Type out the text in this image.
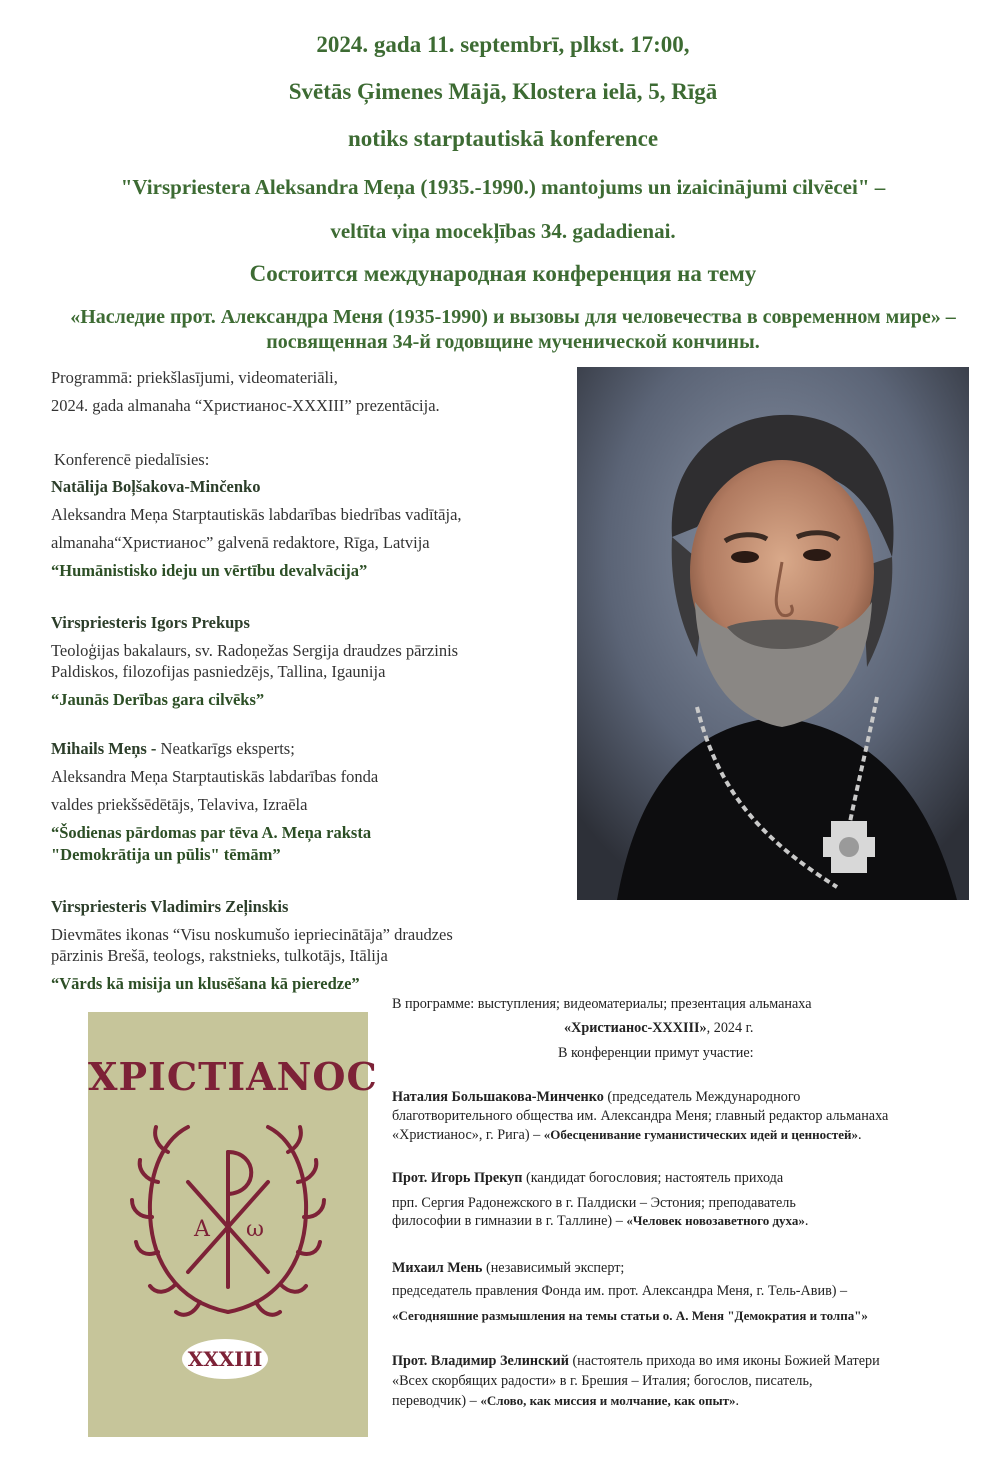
2024. gada 11. septembrī, plkst. 17:00,
Svētās Ģimenes Mājā, Klostera ielā, 5, Rīgā
notiks starptautiskā konference
"Virspriestera Aleksandra Meņa (1935.-1990.) mantojums un izaicinājumi cilvēcei" –
veltīta viņa mocekļības 34. gadadienai.
Состоится международная конференция на тему
«Наследие прот. Александра Меня (1935-1990) и вызовы для человечества в современном мире» – посвященная 34-й годовщине мученической кончины.
Programmā: priekšlasījumi, videomateriāli,
2024. gada almanaha “Христианос-XXXIII” prezentācija.
Konferencē piedalīsies:
Natālija Boļšakova-Minčenko
Aleksandra Meņa Starptautiskās labdarības biedrības vadītāja,
almanaha“Христианос” galvenā redaktore, Rīga, Latvija
“Humānistisko ideju un vērtību devalvācija”
Virspriesteris Igors Prekups
Teoloģijas bakalaurs, sv. Radoņežas Sergija draudzes pārzinis
Paldiskos, filozofijas pasniedzējs, Tallina, Igaunija
“Jaunās Derības gara cilvēks”
Mihails Meņs - Neatkarīgs eksperts;
Aleksandra Meņa Starptautiskās labdarības fonda
valdes priekšsēdētājs, Telaviva, Izraēla
“Šodienas pārdomas par tēva A. Meņa raksta
"Demokrātija un pūlis" tēmām”
Virspriesteris Vladimirs Zeļinskis
Dievmātes ikonas “Visu noskumušo iepriecinātāja” draudzes
pārzinis Brešā, teologs, rakstnieks, tulkotājs, Itālija
“Vārds kā misija un klusēšana kā pieredze”
В программе: выступления; видеоматериалы; презентация альманаха
«Христианос-XXXIII», 2024 г.
В конференции примут участие:
Наталия Большакова-Минченко (председатель Международного
благотворительного общества им. Александра Меня; главный редактор альманаха
«Христианос», г. Рига) – «Обесценивание гуманистических идей и ценностей».
Прот. Игорь Прекуп (кандидат богословия; настоятель прихода
прп. Сергия Радонежского в г. Палдиски – Эстония; преподаватель
философии в гимназии в г. Таллине) – «Человек новозаветного духа».
Михаил Мень (независимый эксперт;
председатель правления Фонда им. прот. Александра Меня, г. Тель-Авив) –
«Сегодняшние размышления на темы статьи о. А. Меня "Демократия и толпа"»
Прот. Владимир Зелинский (настоятель прихода во имя иконы Божией Матери
«Всех скорбящих радости» в г. Брешия – Италия; богослов, писатель,
переводчик) – «Слово, как миссия и молчание, как опыт».
ΧΡΙСΤΙΑΝΟС
A ω
XXXIII
